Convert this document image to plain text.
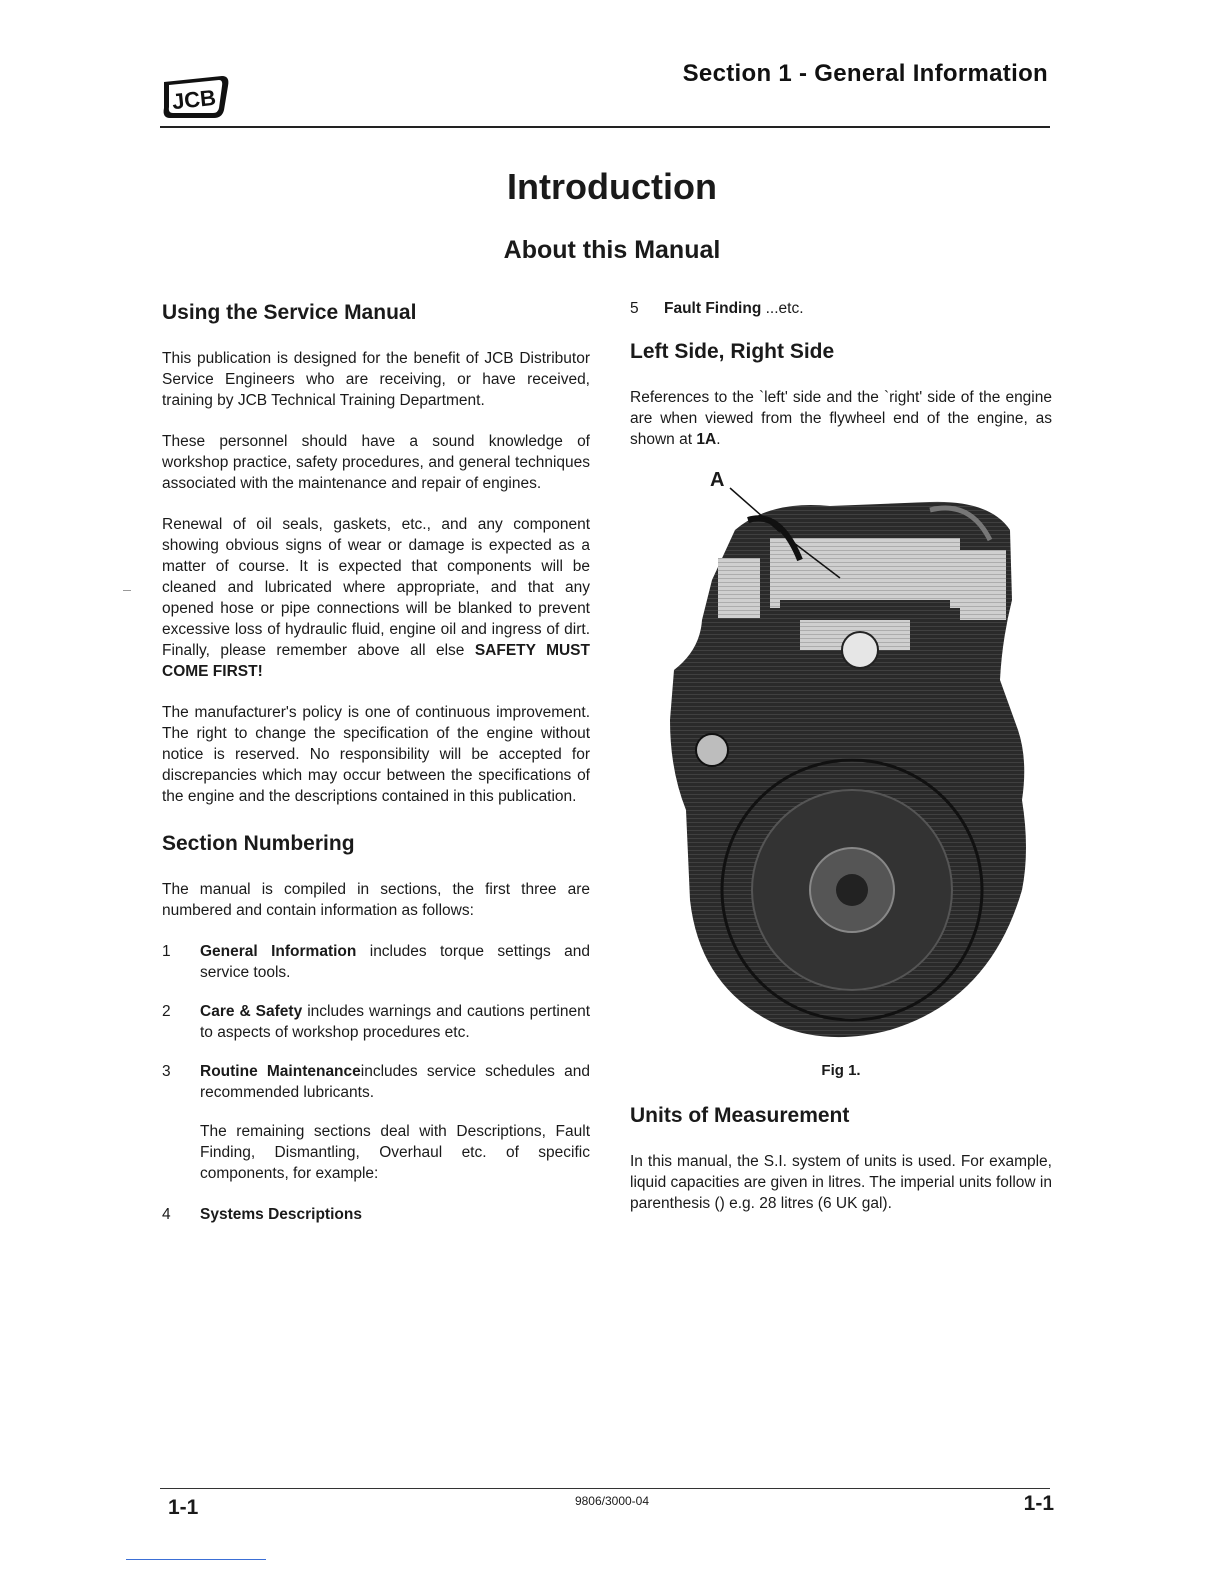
JCB
Section 1 - General Information
Introduction
About this Manual
Using the Service Manual

This publication is designed for the benefit of JCB Distributor Service Engineers who are receiving, or have received, training by JCB Technical Training Department.

These personnel should have a sound knowledge of workshop practice, safety procedures, and general techniques associated with the maintenance and repair of engines.

Renewal of oil seals, gaskets, etc., and any component showing obvious signs of wear or damage is expected as a matter of course. It is expected that components will be cleaned and lubricated where appropriate, and that any opened hose or pipe connections will be blanked to prevent excessive loss of hydraulic fluid, engine oil and ingress of dirt. Finally, please remember above all else SAFETY MUST COME FIRST!

The manufacturer's policy is one of continuous improvement. The right to change the specification of the engine without notice is reserved. No responsibility will be accepted for discrepancies which may occur between the specifications of the engine and the descriptions contained in this publication.

Section Numbering

The manual is compiled in sections, the first three are numbered and contain information as follows:

1	General Information includes torque settings and service tools.
2	Care & Safety includes warnings and cautions pertinent to aspects of workshop procedures etc.
3	Routine Maintenanceincludes service schedules and recommended lubricants.

The remaining sections deal with Descriptions, Fault Finding, Dismantling, Overhaul etc. of specific components, for example:

4	Systems Descriptions
5	Fault Finding ...etc.
Left Side, Right Side

References to the `left' side and the `right' side of the engine are when viewed from the flywheel end of the engine, as shown at 1A.

A
Fig 1.
Units of Measurement

In this manual, the S.I. system of units is used. For example, liquid capacities are given in litres. The imperial units follow in parenthesis () e.g. 28 litres (6 UK gal).

1-1	9806/3000-04	1-1
